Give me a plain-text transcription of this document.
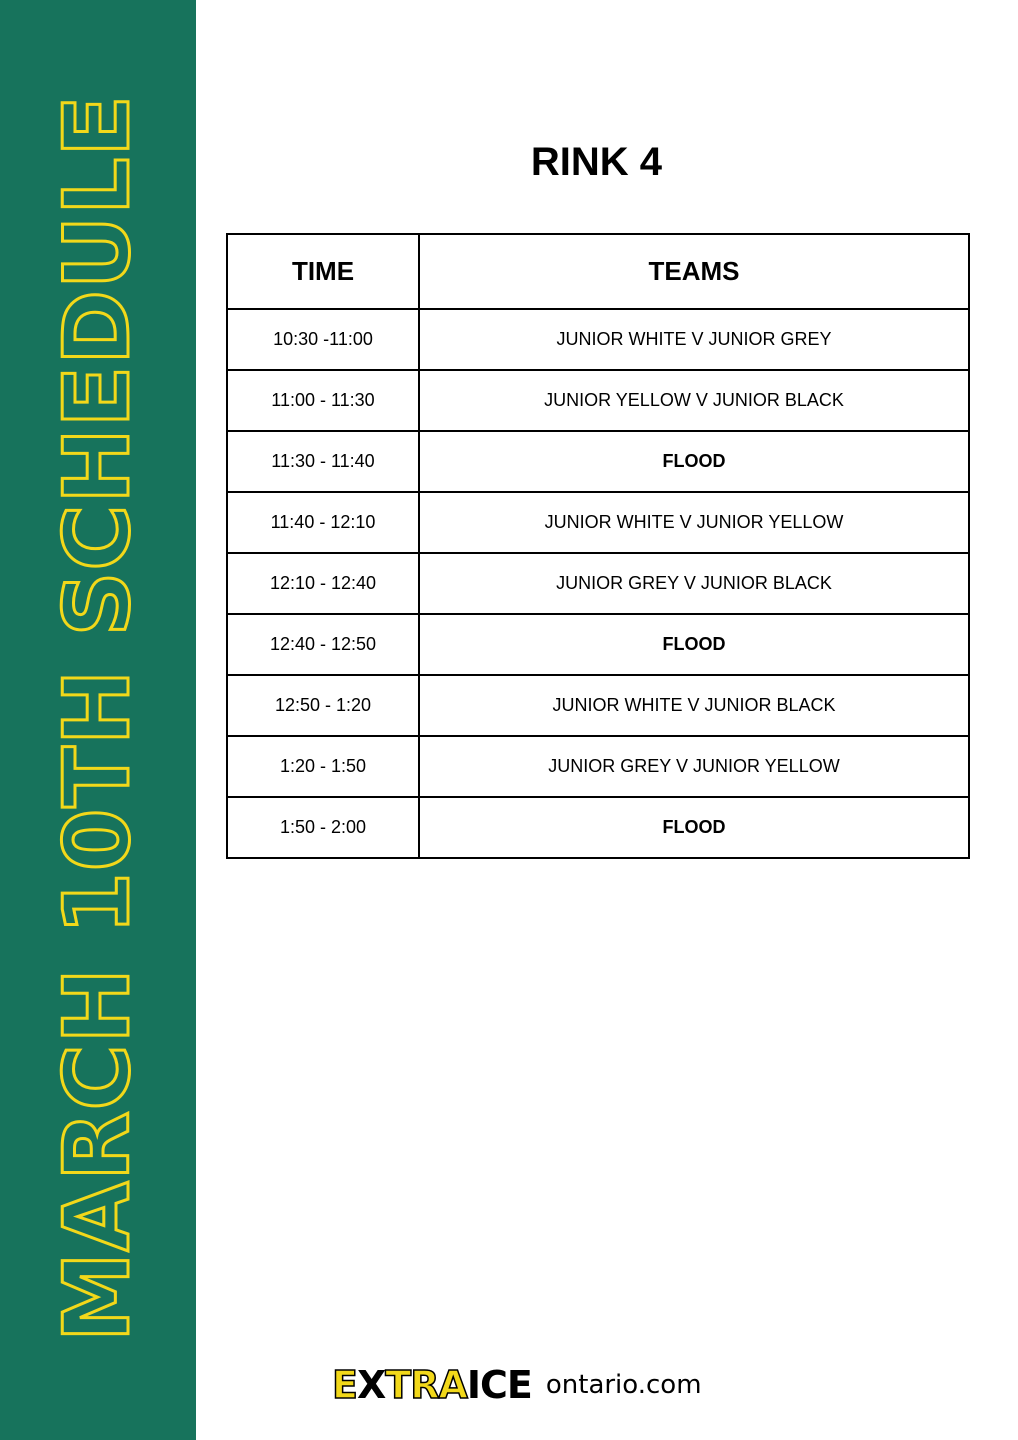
MARCH 10TH SCHEDULE	RINK 4
TIME	TEAMS
10:30 -11:00	JUNIOR WHITE V JUNIOR GREY
11:00 - 11:30	JUNIOR YELLOW V JUNIOR BLACK
11:30 - 11:40	FLOOD
11:40 - 12:10	JUNIOR WHITE V JUNIOR YELLOW
12:10 - 12:40	JUNIOR GREY V JUNIOR BLACK
12:40 - 12:50	FLOOD
12:50 - 1:20	JUNIOR WHITE V JUNIOR BLACK
1:20 - 1:50	JUNIOR GREY V JUNIOR YELLOW
1:50 - 2:00	FLOOD
EXTRAICE ontario.com
